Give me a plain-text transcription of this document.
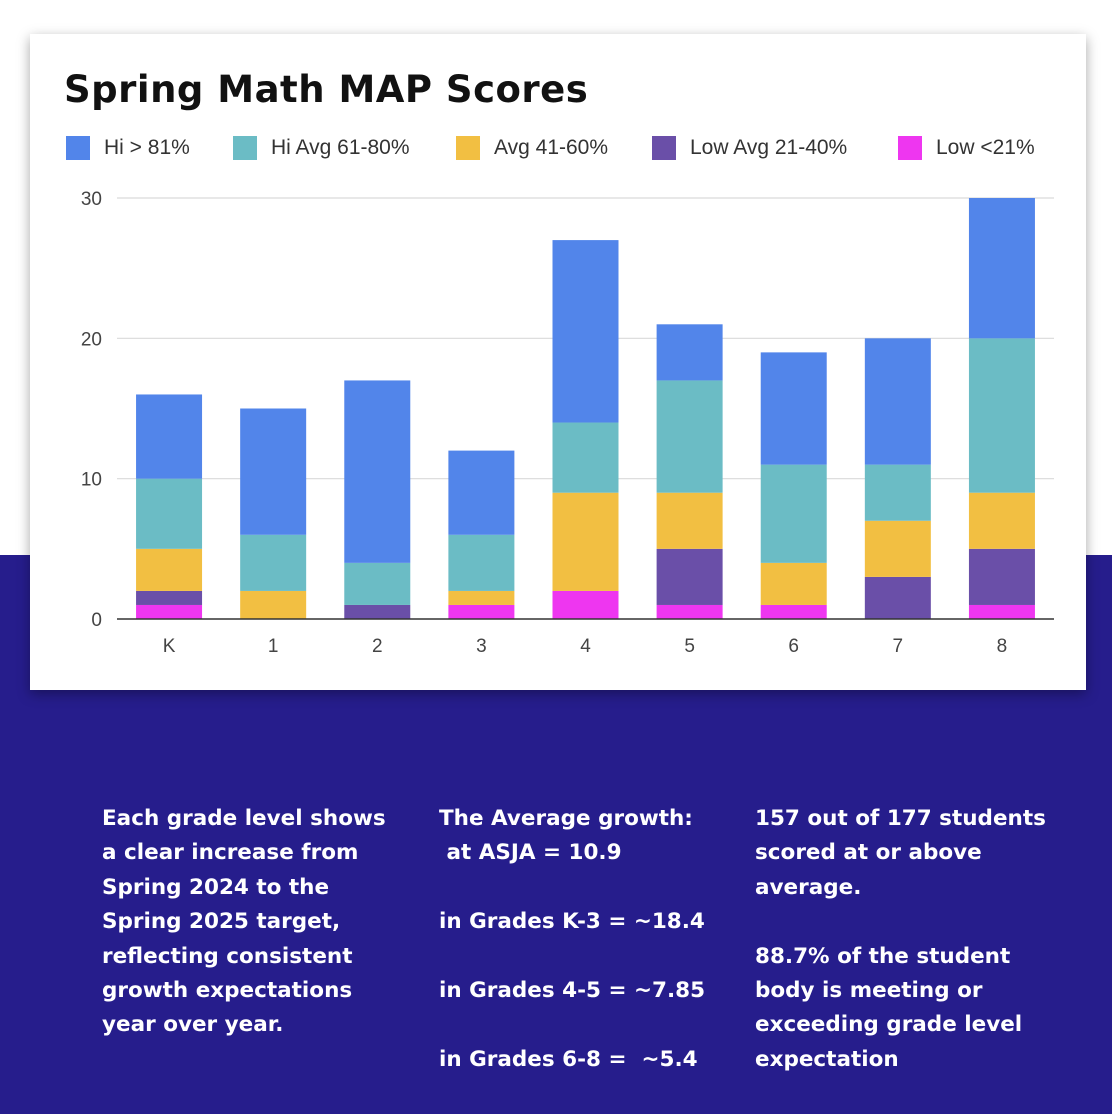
Spring Math MAP Scores
Hi > 81%	Hi Avg 61-80%	Avg 41-60%	Low Avg 21-40%	Low <21%
0
10
20
30
K	1	2	3	4	5	6	7	8

Each grade level shows

a clear increase from

Spring 2024 to the

Spring 2025 target,

reflecting consistent

growth expectations

year over year.

The Average growth:

at ASJA = 10.9

in Grades K-3 = ~18.4

in Grades 4-5 = ~7.85

in Grades 6-8 =  ~5.4

157 out of 177 students

scored at or above

average.

88.7% of the student

body is meeting or

exceeding grade level

expectation
